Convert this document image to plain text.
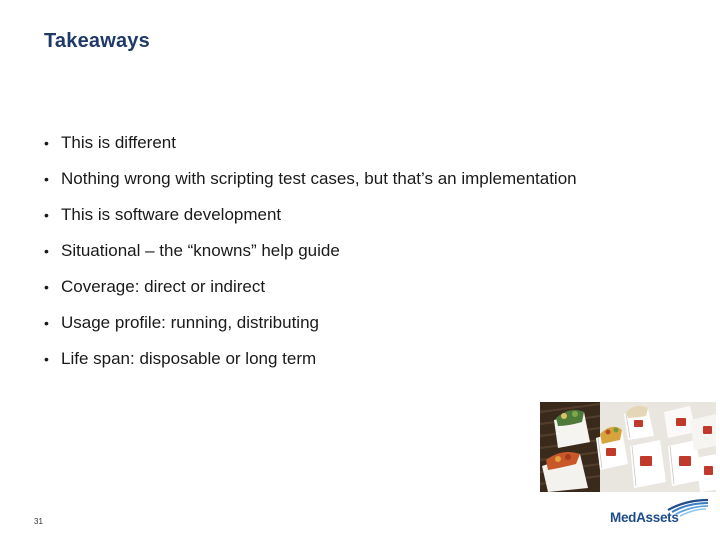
Takeaways
• This is different
• Nothing wrong with scripting test cases, but that’s an implementation
• This is software development
• Situational – the “knowns” help guide
• Coverage: direct or indirect
• Usage profile: running, distributing
• Life span: disposable or long term
31	MedAssets
